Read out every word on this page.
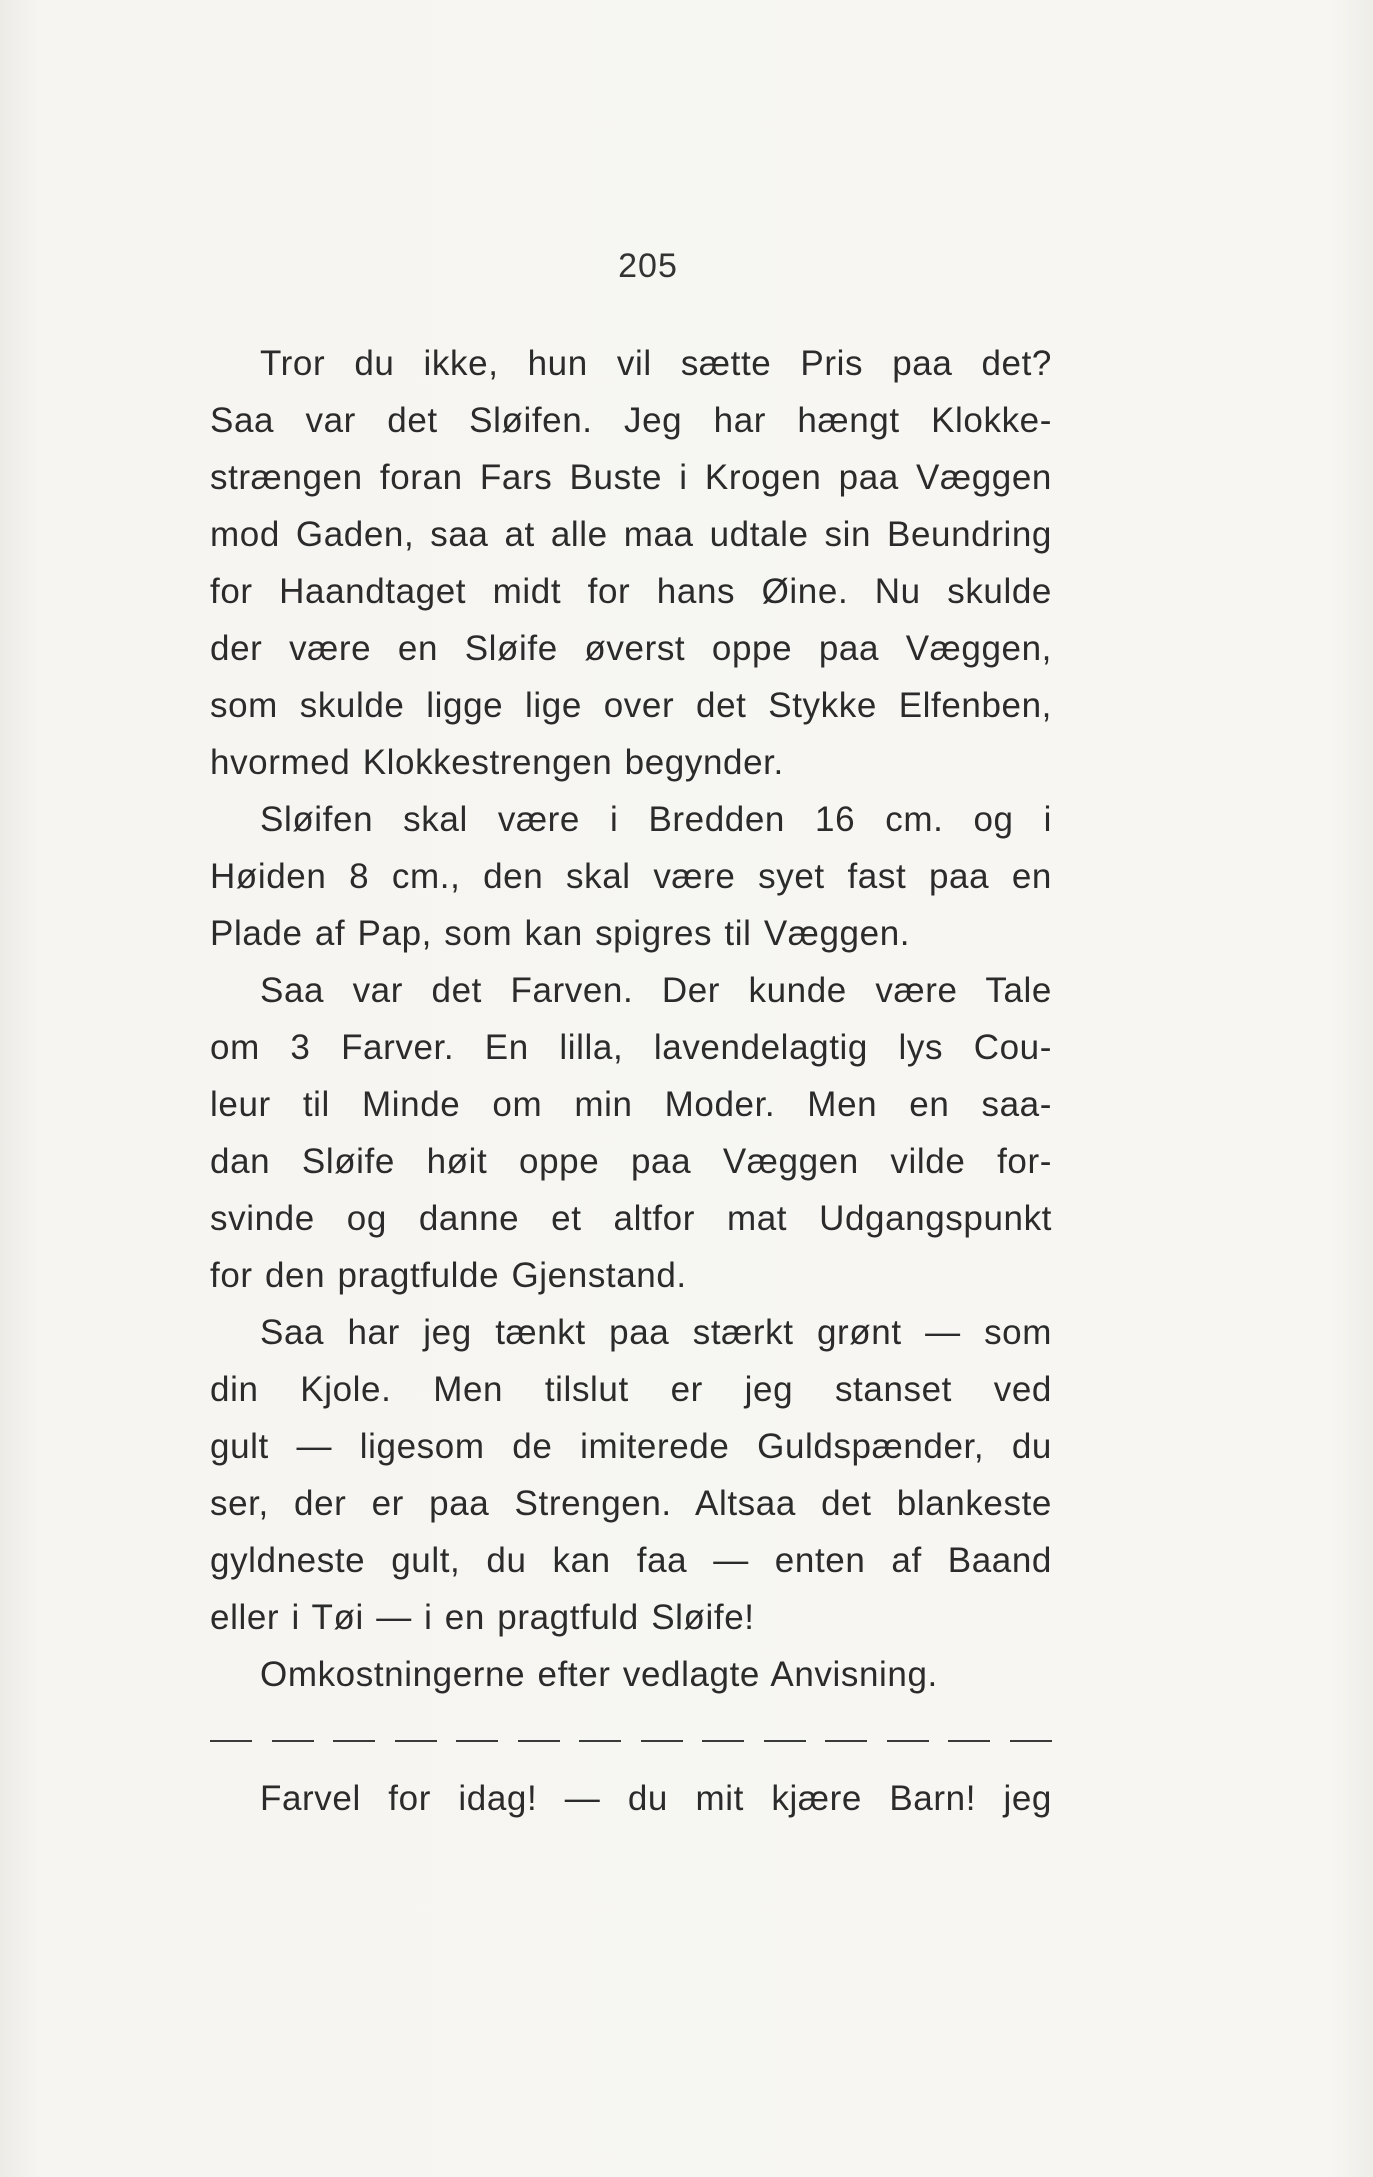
205
Tror du ikke, hun vil sætte Pris paa det?
Saa var det Sløifen. Jeg har hængt Klokke-
strængen foran Fars Buste i Krogen paa Væggen
mod Gaden, saa at alle maa udtale sin Beundring
for Haandtaget midt for hans Øine. Nu skulde
der være en Sløife øverst oppe paa Væggen,
som skulde ligge lige over det Stykke Elfenben,
hvormed Klokkestrengen begynder.
Sløifen skal være i Bredden 16 cm. og i
Høiden 8 cm., den skal være syet fast paa en
Plade af Pap, som kan spigres til Væggen.
Saa var det Farven. Der kunde være Tale
om 3 Farver. En lilla, lavendelagtig lys Cou-
leur til Minde om min Moder. Men en saa-
dan Sløife høit oppe paa Væggen vilde for-
svinde og danne et altfor mat Udgangspunkt
for den pragtfulde Gjenstand.
Saa har jeg tænkt paa stærkt grønt — som
din Kjole. Men tilslut er jeg stanset ved
gult — ligesom de imiterede Guldspænder, du
ser, der er paa Strengen. Altsaa det blankeste
gyldneste gult, du kan faa — enten af Baand
eller i Tøi — i en pragtfuld Sløife!
Omkostningerne efter vedlagte Anvisning.
Farvel for idag! — du mit kjære Barn! jeg
